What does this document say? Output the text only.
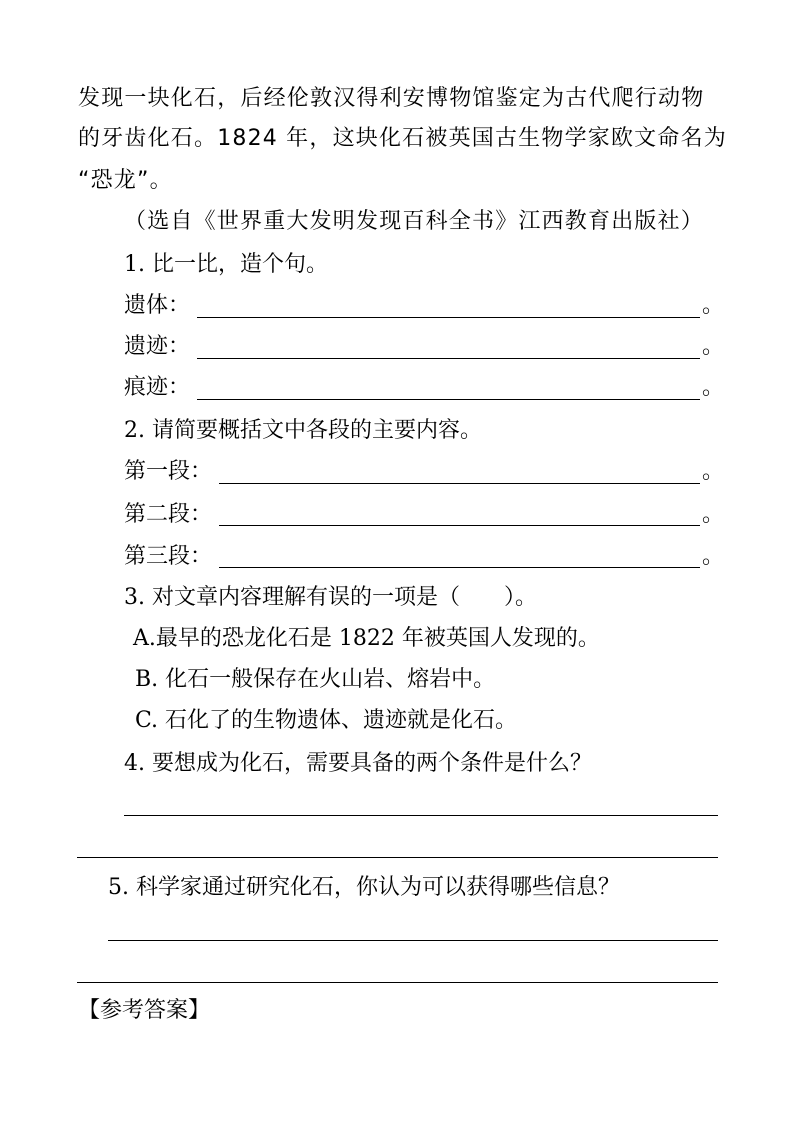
发现一块化石，后经伦敦汉得利安博物馆鉴定为古代爬行动物
的牙齿化石。1824 年，这块化石被英国古生物学家欧文命名为
“恐龙”。
（选自《世界重大发明发现百科全书》江西教育出版社）
1. 比一比，造个句。
遗体：	。
遗迹：	。
痕迹：	。
2. 请简要概括文中各段的主要内容。
第一段：	。
第二段：	。
第三段：	。
3. 对文章内容理解有误的一项是（　　）。
A.最早的恐龙化石是 1822 年被英国人发现的。
B. 化石一般保存在火山岩、熔岩中。
C. 石化了的生物遗体、遗迹就是化石。
4. 要想成为化石，需要具备的两个条件是什么？
5. 科学家通过研究化石，你认为可以获得哪些信息？
【参考答案】
